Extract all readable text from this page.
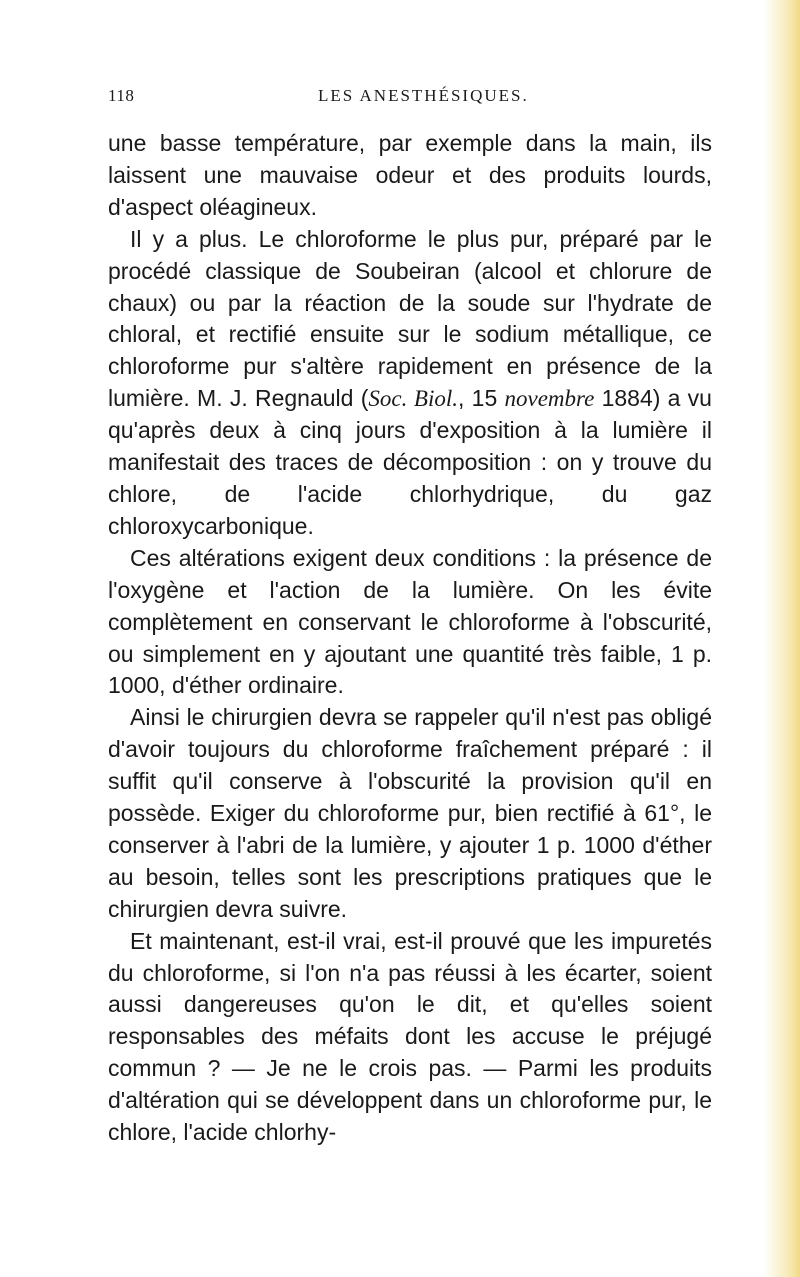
118	LES ANESTHÉSIQUES.

une basse température, par exemple dans la main, ils laissent une mauvaise odeur et des produits lourds, d'aspect oléagineux.

Il y a plus. Le chloroforme le plus pur, préparé par le procédé classique de Soubeiran (alcool et chlorure de chaux) ou par la réaction de la soude sur l'hydrate de chloral, et rectifié ensuite sur le sodium métallique, ce chloroforme pur s'altère rapidement en présence de la lumière. M. J. Regnauld (Soc. Biol., 15 novembre 1884) a vu qu'après deux à cinq jours d'exposition à la lumière il manifestait des traces de décomposition : on y trouve du chlore, de l'acide chlorhydrique, du gaz chloroxycarbonique.

Ces altérations exigent deux conditions : la présence de l'oxygène et l'action de la lumière. On les évite complètement en conservant le chloroforme à l'obscurité, ou simplement en y ajoutant une quantité très faible, 1 p. 1000, d'éther ordinaire.

Ainsi le chirurgien devra se rappeler qu'il n'est pas obligé d'avoir toujours du chloroforme fraîchement préparé : il suffit qu'il conserve à l'obscurité la provision qu'il en possède. Exiger du chloroforme pur, bien rectifié à 61°, le conserver à l'abri de la lumière, y ajouter 1 p. 1000 d'éther au besoin, telles sont les prescriptions pratiques que le chirurgien devra suivre.

Et maintenant, est-il vrai, est-il prouvé que les impuretés du chloroforme, si l'on n'a pas réussi à les écarter, soient aussi dangereuses qu'on le dit, et qu'elles soient responsables des méfaits dont les accuse le préjugé commun ? — Je ne le crois pas. — Parmi les produits d'altération qui se développent dans un chloroforme pur, le chlore, l'acide chlorhy-
